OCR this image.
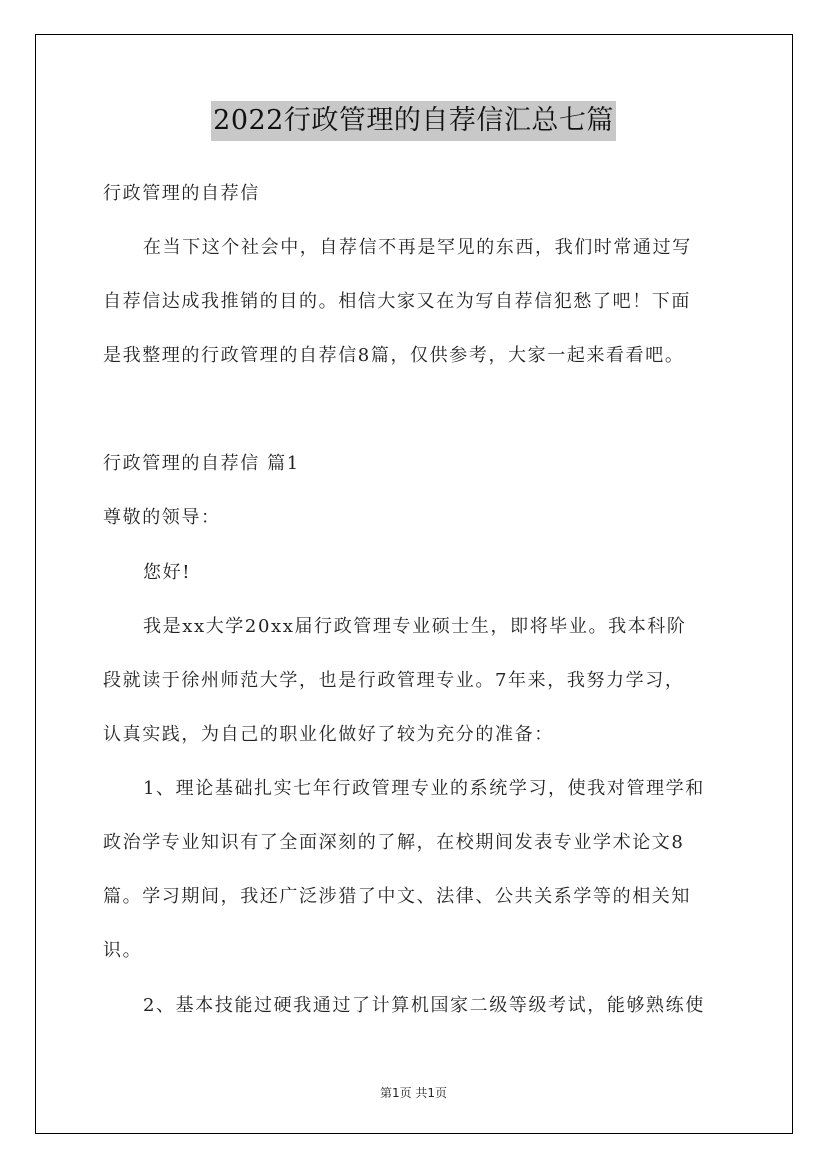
2022行政管理的自荐信汇总七篇
行政管理的自荐信
在当下这个社会中，自荐信不再是罕见的东西，我们时常通过写
自荐信达成我推销的目的。相信大家又在为写自荐信犯愁了吧！下面
是我整理的行政管理的自荐信8篇，仅供参考，大家一起来看看吧。
行政管理的自荐信 篇1
尊敬的领导：
您好!
我是xx大学20xx届行政管理专业硕士生，即将毕业。我本科阶
段就读于徐州师范大学，也是行政管理专业。7年来，我努力学习，
认真实践，为自己的职业化做好了较为充分的准备：
1、理论基础扎实七年行政管理专业的系统学习，使我对管理学和
政治学专业知识有了全面深刻的了解，在校期间发表专业学术论文8
篇。学习期间，我还广泛涉猎了中文、法律、公共关系学等的相关知
识。
2、基本技能过硬我通过了计算机国家二级等级考试，能够熟练使
第1页 共1页
